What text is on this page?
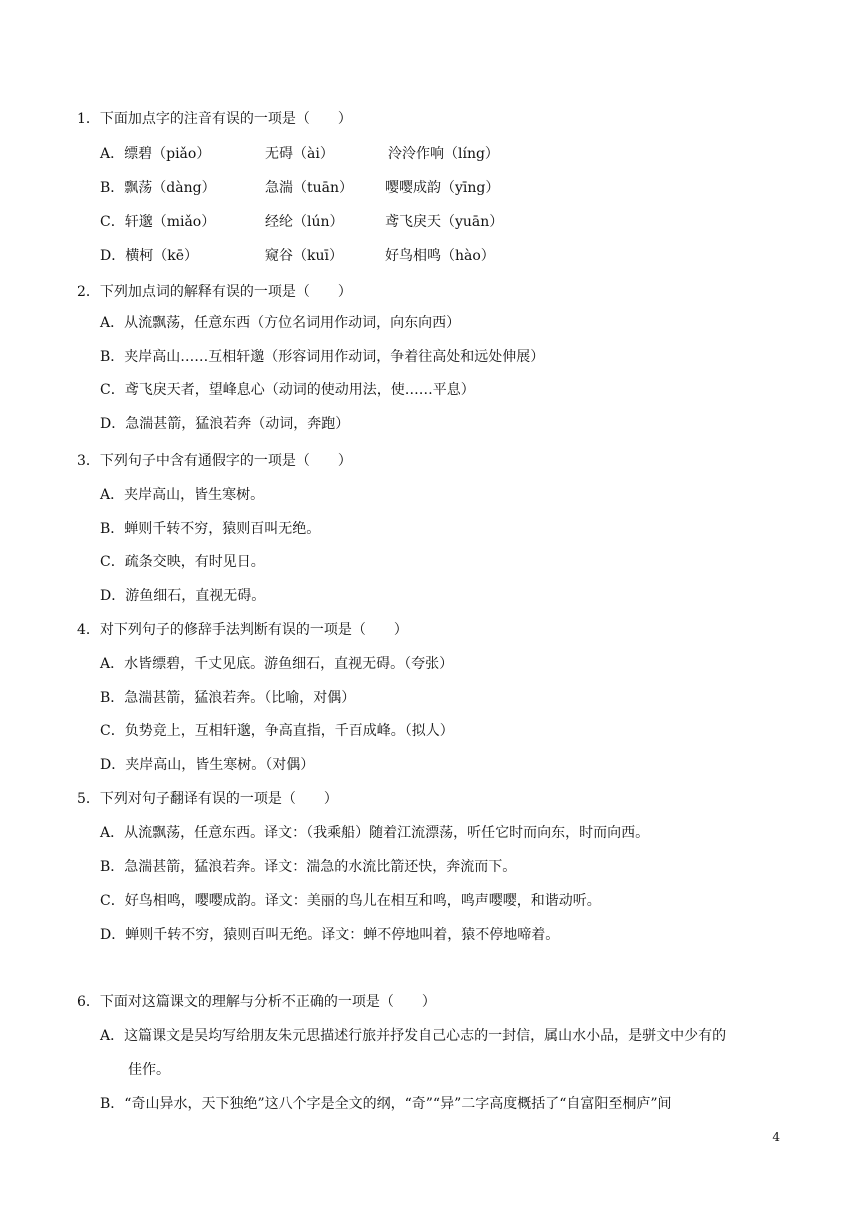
1．下面加点字的注音有误的一项是（　　）
A．缥碧（piǎo）	无碍（ài）	泠泠作响（líng）
B．飘荡（dàng）	急湍（tuān） 嘤嘤成韵（yīng）
C．轩邈（miǎo）	经纶（lún）	鸢飞戾天（yuān）
D．横柯（kē）	窥谷（kuī）	好鸟相鸣（hào）
2．下列加点词的解释有误的一项是（　　）
A．从流飘荡，任意东西（方位名词用作动词，向东向西）
B．夹岸高山……互相轩邈（形容词用作动词，争着往高处和远处伸展）
C．鸢飞戾天者，望峰息心（动词的使动用法，使……平息）
D．急湍甚箭，猛浪若奔（动词，奔跑）
3．下列句子中含有通假字的一项是（　　）
A．夹岸高山，皆生寒树。
B．蝉则千转不穷，猿则百叫无绝。
C．疏条交映，有时见日。
D．游鱼细石，直视无碍。
4．对下列句子的修辞手法判断有误的一项是（　　）
A．水皆缥碧，千丈见底。游鱼细石，直视无碍。（夸张）
B．急湍甚箭，猛浪若奔。（比喻，对偶）
C．负势竞上，互相轩邈，争高直指，千百成峰。（拟人）
D．夹岸高山，皆生寒树。（对偶）
5．下列对句子翻译有误的一项是（　　）
A．从流飘荡，任意东西。译文：（我乘船）随着江流漂荡，听任它时而向东，时而向西。
B．急湍甚箭，猛浪若奔。译文：湍急的水流比箭还快，奔流而下。
C．好鸟相鸣，嘤嘤成韵。译文：美丽的鸟儿在相互和鸣，鸣声嘤嘤，和谐动听。
D．蝉则千转不穷，猿则百叫无绝。译文：蝉不停地叫着，猿不停地啼着。
6．下面对这篇课文的理解与分析不正确的一项是（　　）
A．这篇课文是吴均写给朋友朱元思描述行旅并抒发自己心志的一封信，属山水小品，是骈文中少有的
佳作。
B．“奇山异水，天下独绝”这八个字是全文的纲，“奇”“异”二字高度概括了“自富阳至桐庐”间
4
